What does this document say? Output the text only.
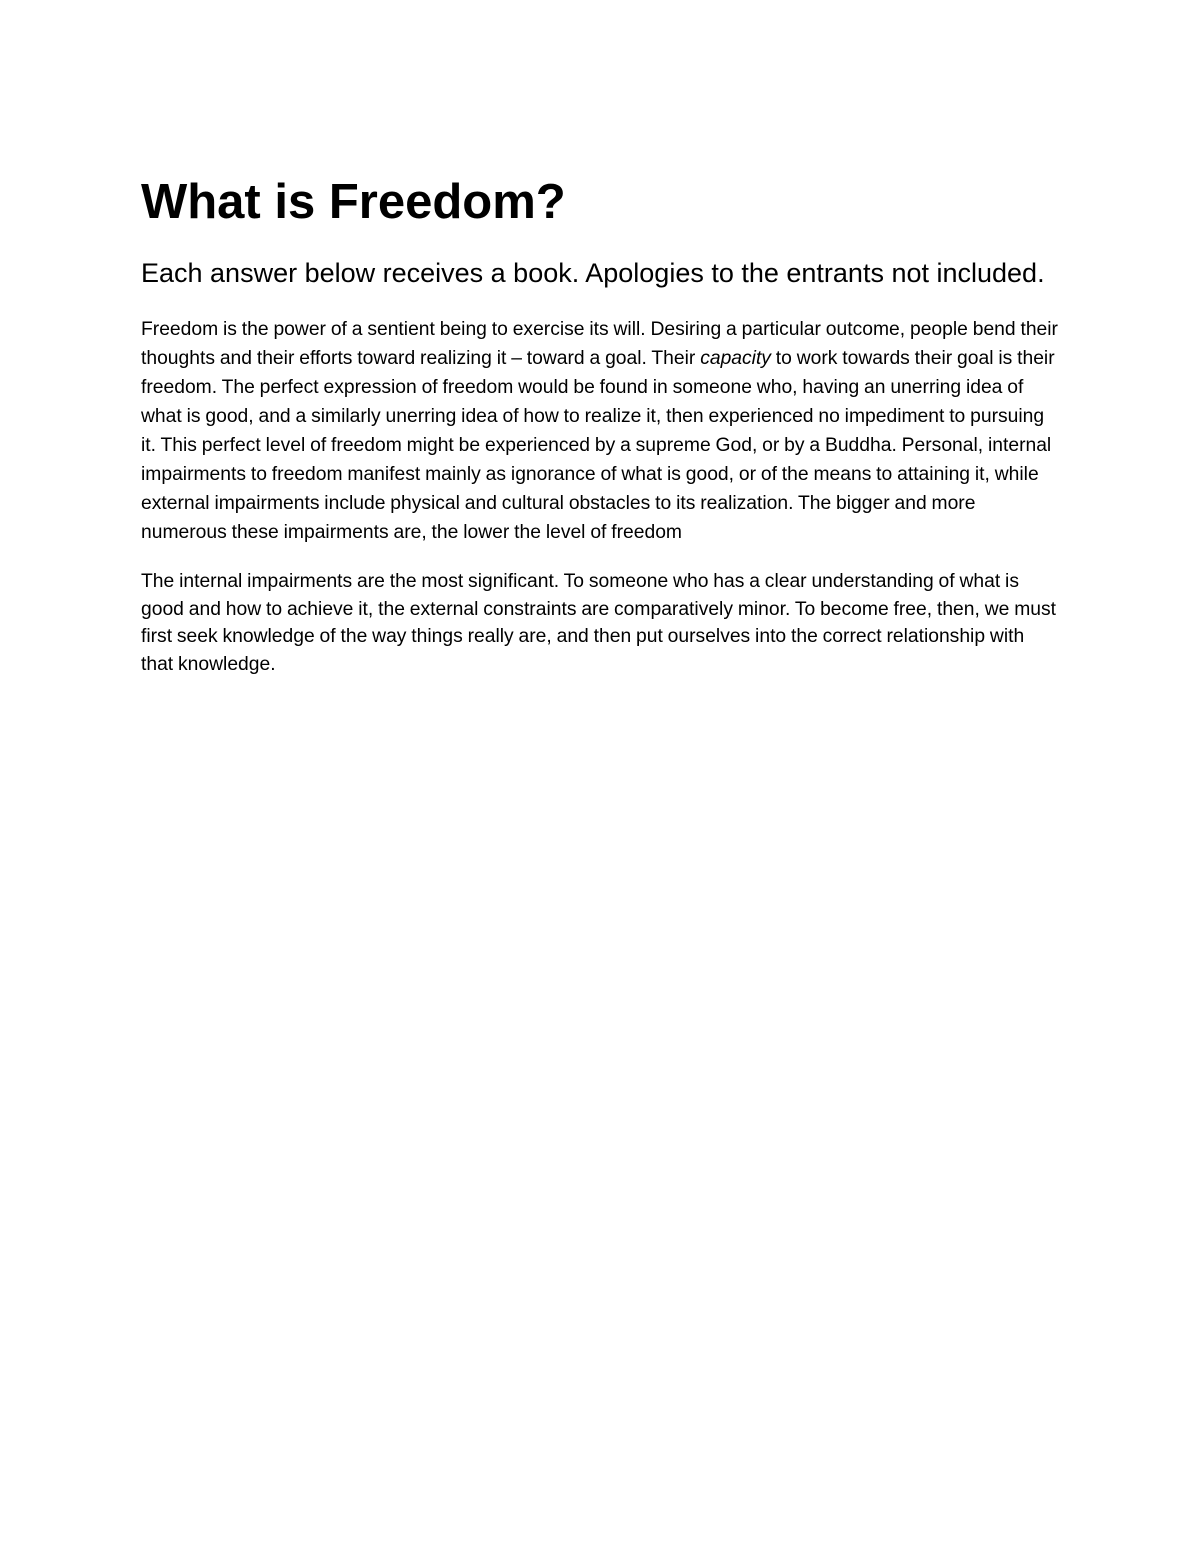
What is Freedom?
Each answer below receives a book. Apologies to the entrants not included.

Freedom is the power of a sentient being to exercise its will. Desiring a particular outcome, people bend their thoughts and their efforts toward realizing it – toward a goal. Their capacity to work towards their goal is their freedom. The perfect expression of freedom would be found in someone who, having an unerring idea of what is good, and a similarly unerring idea of how to realize it, then experienced no impediment to pursuing it. This perfect level of freedom might be experienced by a supreme God, or by a Buddha. Personal, internal impairments to freedom manifest mainly as ignorance of what is good, or of the means to attaining it, while external impairments include physical and cultural obstacles to its realization. The bigger and more numerous these impairments are, the lower the level of freedom

The internal impairments are the most significant. To someone who has a clear understanding of what is good and how to achieve it, the external constraints are comparatively minor. To become free, then, we must first seek knowledge of the way things really are, and then put ourselves into the correct relationship with that knowledge.
